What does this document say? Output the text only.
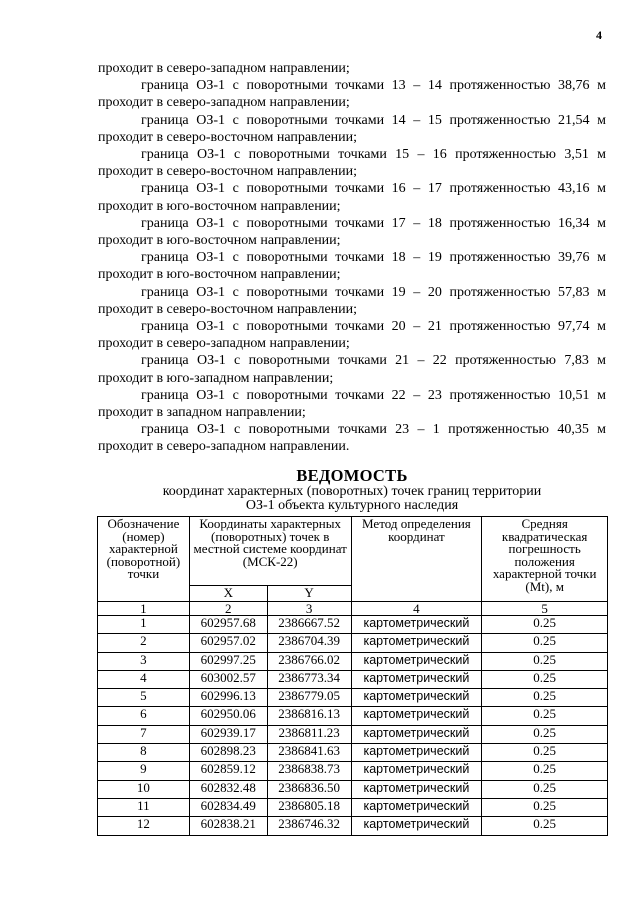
4
проходит в северо-западном направлении;
граница ОЗ-1 с поворотными точками 13 – 14 протяженностью 38,76 м
проходит в северо-западном направлении;
граница ОЗ-1 с поворотными точками 14 – 15 протяженностью 21,54 м
проходит в северо-восточном направлении;
граница ОЗ-1 с поворотными точками 15 – 16 протяженностью 3,51 м
проходит в северо-восточном направлении;
граница ОЗ-1 с поворотными точками 16 – 17 протяженностью 43,16 м
проходит в юго-восточном направлении;
граница ОЗ-1 с поворотными точками 17 – 18 протяженностью 16,34 м
проходит в юго-восточном направлении;
граница ОЗ-1 с поворотными точками 18 – 19 протяженностью 39,76 м
проходит в юго-восточном направлении;
граница ОЗ-1 с поворотными точками 19 – 20 протяженностью 57,83 м
проходит в северо-восточном направлении;
граница ОЗ-1 с поворотными точками 20 – 21 протяженностью 97,74 м
проходит в северо-западном направлении;
граница ОЗ-1 с поворотными точками 21 – 22 протяженностью 7,83 м
проходит в юго-западном направлении;
граница ОЗ-1 с поворотными точками 22 – 23 протяженностью 10,51 м
проходит в западном направлении;
граница ОЗ-1 с поворотными точками 23 – 1 протяженностью 40,35 м
проходит в северо-западном направлении.
ВЕДОМОСТЬ
координат характерных (поворотных) точек границ территории
ОЗ-1 объекта культурного наследия
Обозначение (номер) характерной (поворотной) точки	Координаты характерных (поворотных) точек в местной системе координат (МСК-22)		Метод определения координат	Средняя квадратическая погрешность положения характерной точки (Mt), м
	X	Y		
1	2	3	4	5
1	602957.68	2386667.52	картометрический	0.25
2	602957.02	2386704.39	картометрический	0.25
3	602997.25	2386766.02	картометрический	0.25
4	603002.57	2386773.34	картометрический	0.25
5	602996.13	2386779.05	картометрический	0.25
6	602950.06	2386816.13	картометрический	0.25
7	602939.17	2386811.23	картометрический	0.25
8	602898.23	2386841.63	картометрический	0.25
9	602859.12	2386838.73	картометрический	0.25
10	602832.48	2386836.50	картометрический	0.25
11	602834.49	2386805.18	картометрический	0.25
12	602838.21	2386746.32	картометрический	0.25
